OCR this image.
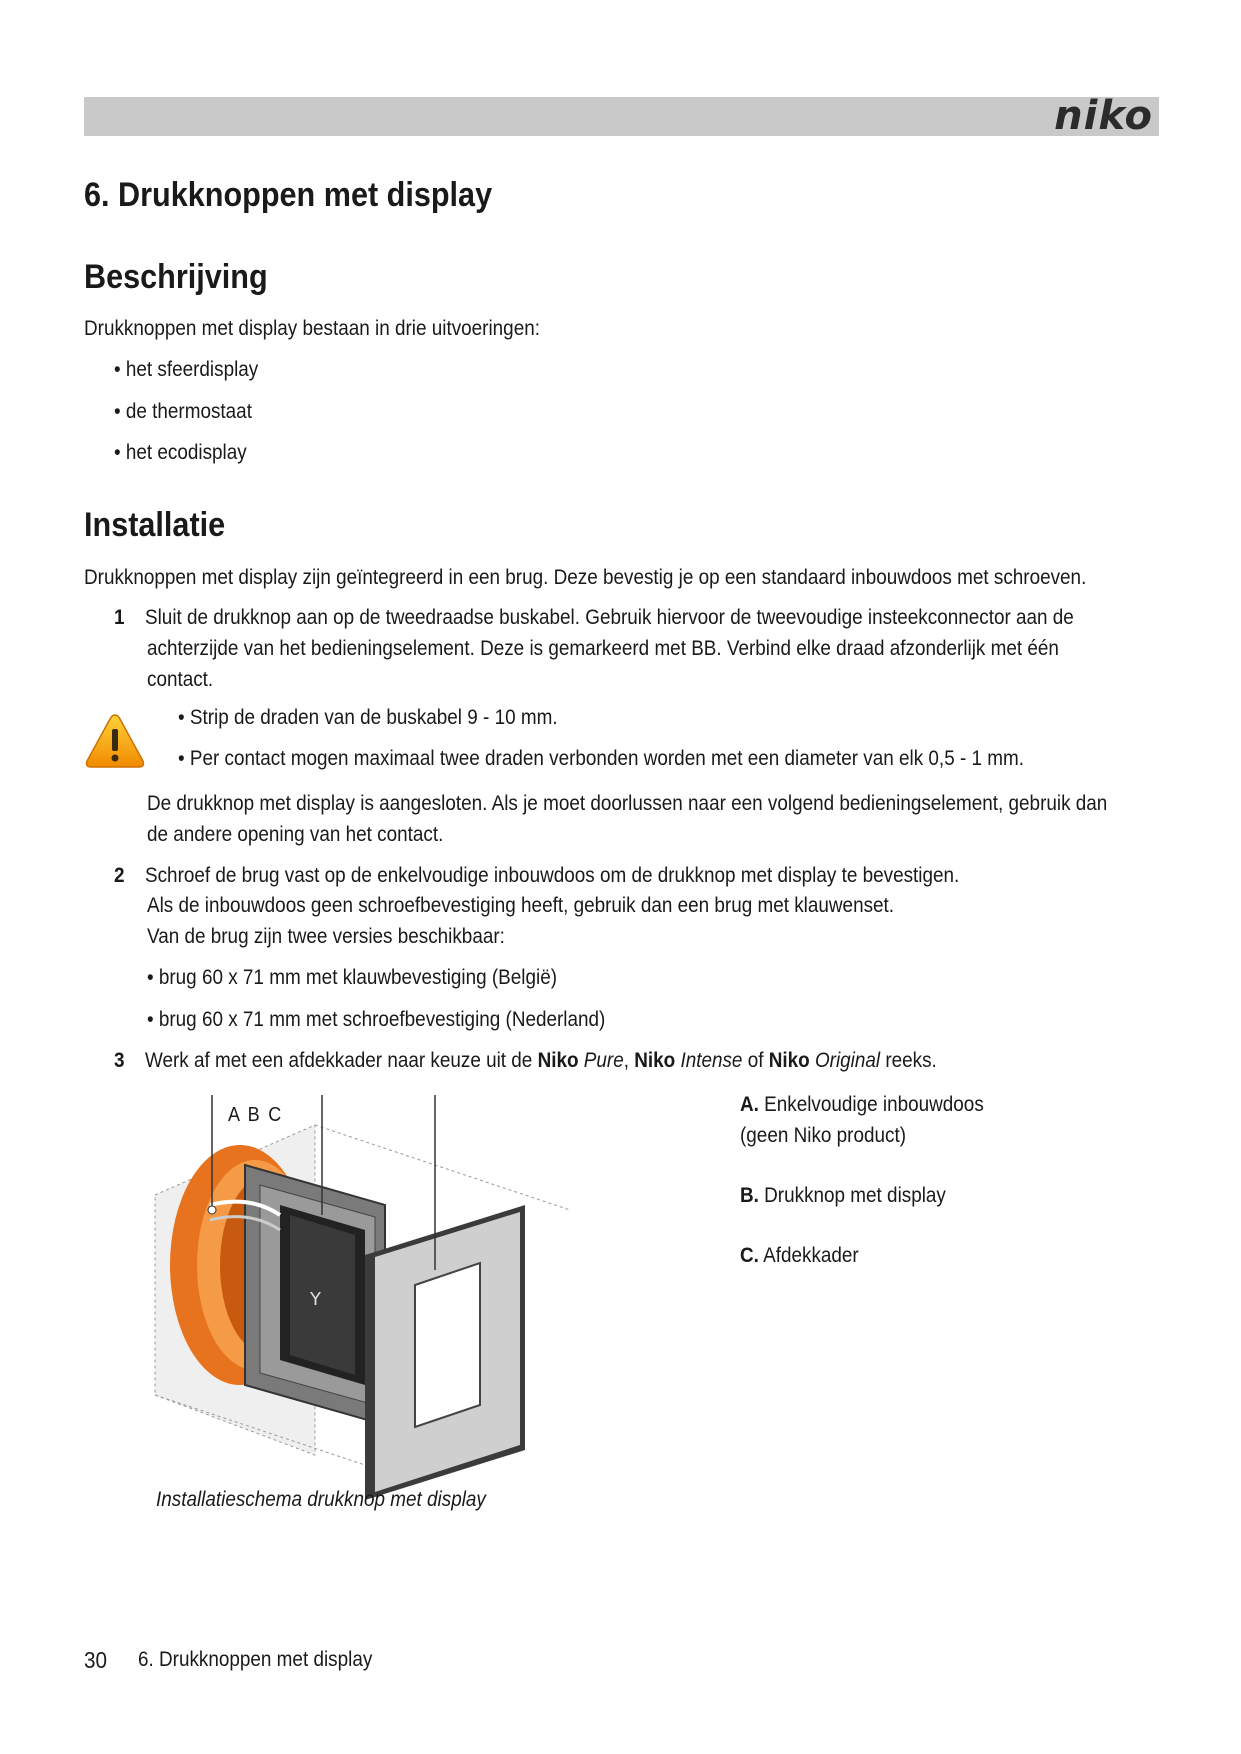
niko
6. Drukknoppen met display
Beschrijving
Drukknoppen met display bestaan in drie uitvoeringen:
• het sfeerdisplay
• de thermostaat
• het ecodisplay
Installatie
Drukknoppen met display zijn geïntegreerd in een brug. Deze bevestig je op een standaard inbouwdoos met schroeven.
1 Sluit de drukknop aan op de tweedraadse buskabel. Gebruik hiervoor de tweevoudige insteekconnector aan de
achterzijde van het bedieningselement. Deze is gemarkeerd met BB. Verbind elke draad afzonderlijk met één
contact.
• Strip de draden van de buskabel 9 - 10 mm.
• Per contact mogen maximaal twee draden verbonden worden met een diameter van elk 0,5 - 1 mm.
De drukknop met display is aangesloten. Als je moet doorlussen naar een volgend bedieningselement, gebruik dan
de andere opening van het contact.
2 Schroef de brug vast op de enkelvoudige inbouwdoos om de drukknop met display te bevestigen.
Als de inbouwdoos geen schroefbevestiging heeft, gebruik dan een brug met klauwenset.
Van de brug zijn twee versies beschikbaar:
• brug 60 x 71 mm met klauwbevestiging (België)
• brug 60 x 71 mm met schroefbevestiging (Nederland)
3 Werk af met een afdekkader naar keuze uit de Niko Pure, Niko Intense of Niko Original reeks.
A B C
Y
Installatieschema drukknop met display
A. Enkelvoudige inbouwdoos
(geen Niko product)
B. Drukknop met display
C. Afdekkader
30 6. Drukknoppen met display
